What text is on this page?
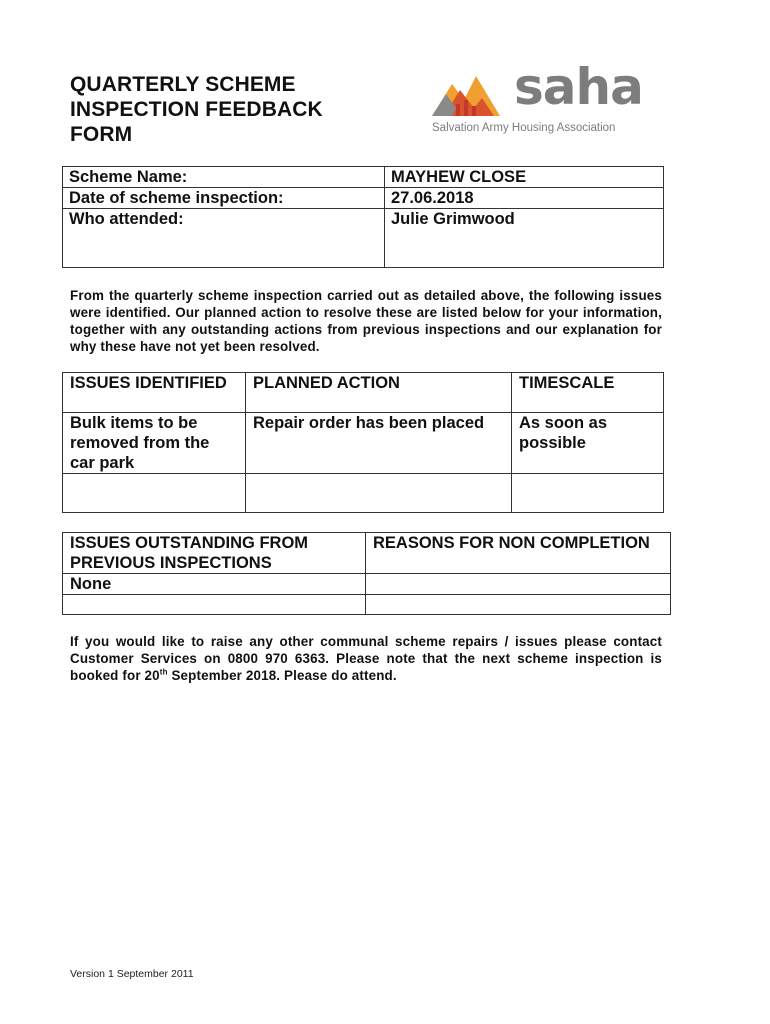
QUARTERLY SCHEME INSPECTION FEEDBACK FORM
saha
Salvation Army Housing Association
Scheme Name:	MAYHEW CLOSE
Date of scheme inspection:	27.06.2018
Who attended:	Julie Grimwood
From the quarterly scheme inspection carried out as detailed above, the following issues were identified. Our planned action to resolve these are listed below for your information, together with any outstanding actions from previous inspections and our explanation for why these have not yet been resolved.
ISSUES IDENTIFIED	PLANNED ACTION	TIMESCALE
Bulk items to be removed from the car park	Repair order has been placed	As soon as possible

ISSUES OUTSTANDING FROM PREVIOUS INSPECTIONS	REASONS FOR NON COMPLETION
None	

If you would like to raise any other communal scheme repairs / issues please contact Customer Services on 0800 970 6363. Please note that the next scheme inspection is booked for 20th September 2018. Please do attend.
Version 1 September 2011
